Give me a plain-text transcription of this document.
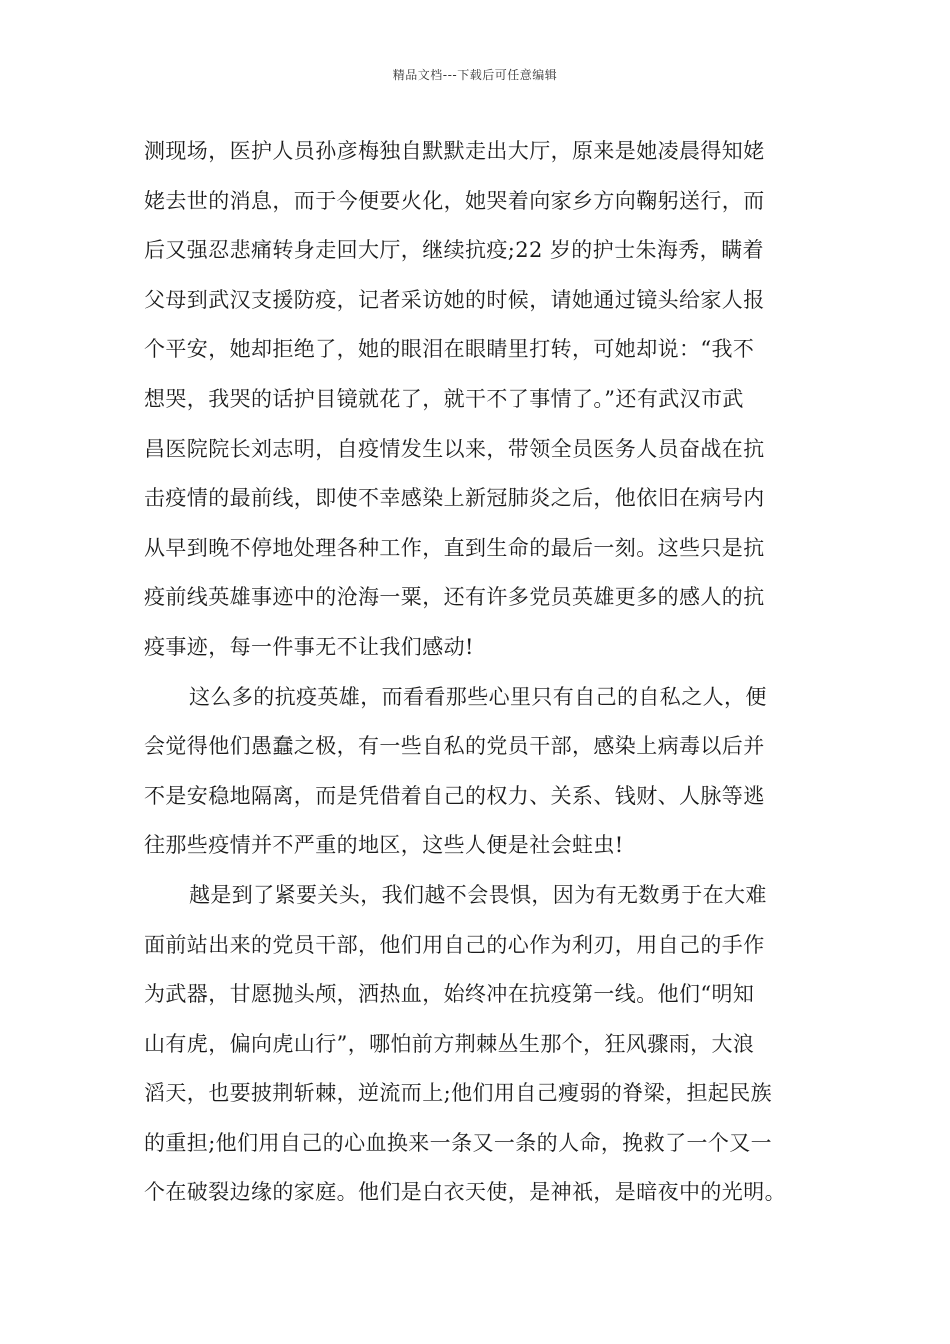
精品文档---下载后可任意编辑
测现场，医护人员孙彦梅独自默默走出大厅，原来是她凌晨得知姥
姥去世的消息，而于今便要火化，她哭着向家乡方向鞠躬送行，而
后又强忍悲痛转身走回大厅，继续抗疫;22 岁的护士朱海秀，瞒着
父母到武汉支援防疫，记者采访她的时候，请她通过镜头给家人报
个平安，她却拒绝了，她的眼泪在眼睛里打转，可她却说：“我不
想哭，我哭的话护目镜就花了，就干不了事情了。”还有武汉市武
昌医院院长刘志明，自疫情发生以来，带领全员医务人员奋战在抗
击疫情的最前线，即使不幸感染上新冠肺炎之后，他依旧在病号内
从早到晚不停地处理各种工作，直到生命的最后一刻。这些只是抗
疫前线英雄事迹中的沧海一粟，还有许多党员英雄更多的感人的抗
疫事迹，每一件事无不让我们感动!
这么多的抗疫英雄，而看看那些心里只有自己的自私之人，便
会觉得他们愚蠢之极，有一些自私的党员干部，感染上病毒以后并
不是安稳地隔离，而是凭借着自己的权力、关系、钱财、人脉等逃
往那些疫情并不严重的地区，这些人便是社会蛀虫!
越是到了紧要关头，我们越不会畏惧，因为有无数勇于在大难
面前站出来的党员干部，他们用自己的心作为利刃，用自己的手作
为武器，甘愿抛头颅，洒热血，始终冲在抗疫第一线。他们“明知
山有虎，偏向虎山行”，哪怕前方荆棘丛生那个，狂风骤雨，大浪
滔天，也要披荆斩棘，逆流而上;他们用自己瘦弱的脊梁，担起民族
的重担;他们用自己的心血换来一条又一条的人命，挽救了一个又一
个在破裂边缘的家庭。他们是白衣天使，是神祇，是暗夜中的光明。
